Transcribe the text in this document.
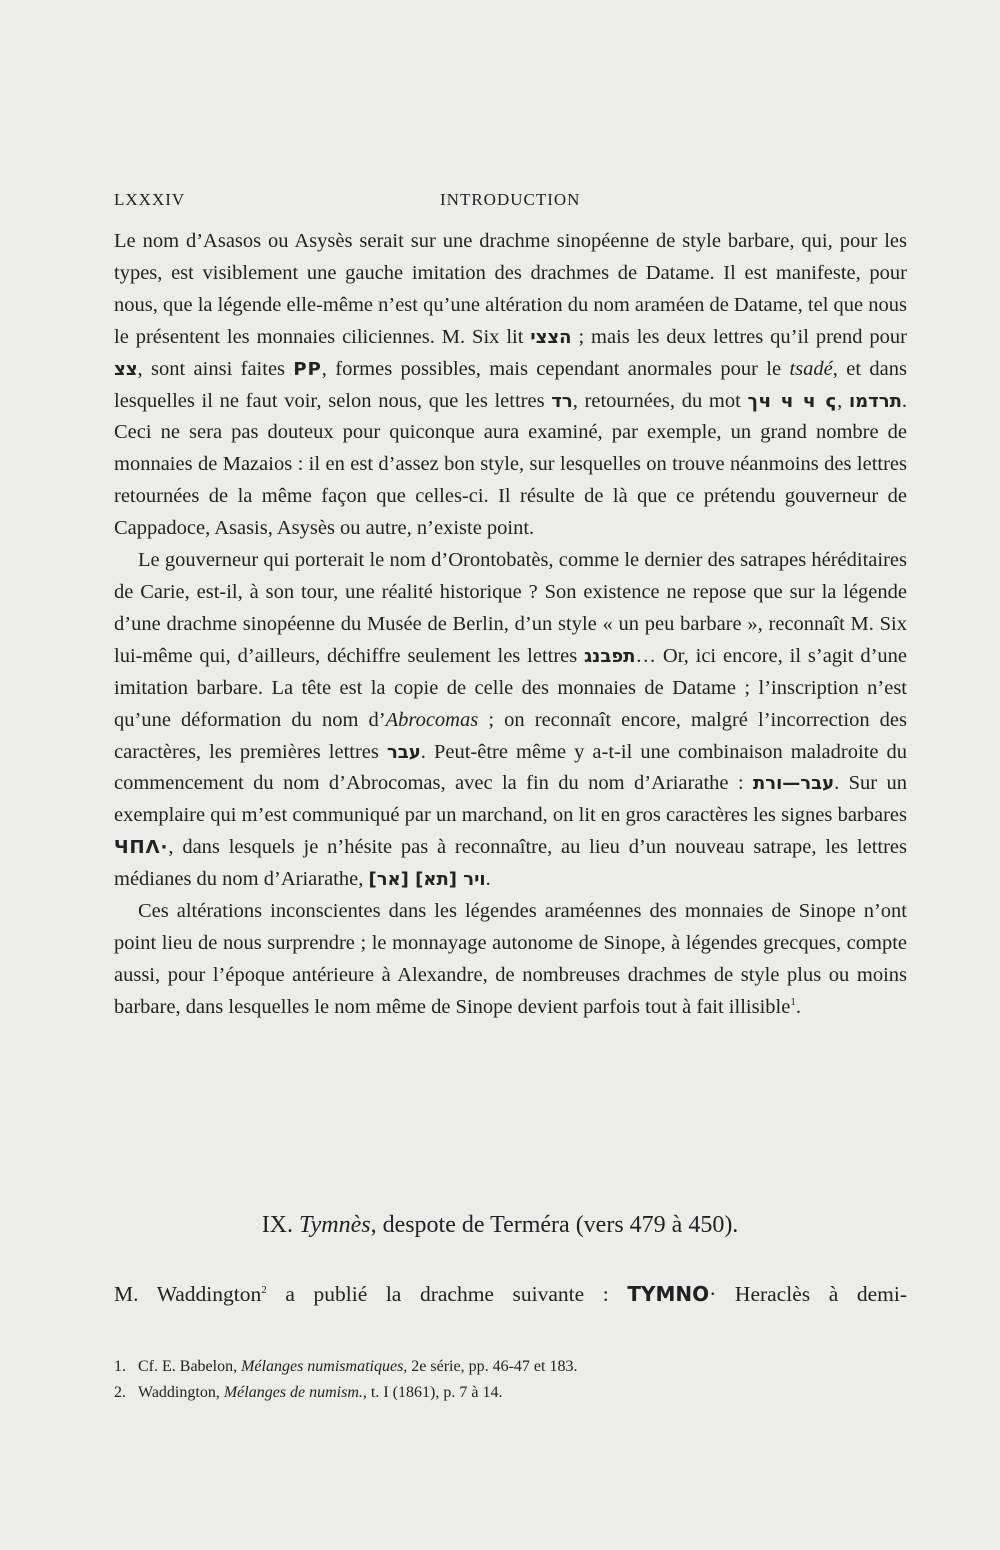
LXXXIV	INTRODUCTION

Le nom d’Asasos ou Asysès serait sur une drachme sinopéenne de style barbare, qui, pour les types, est visiblement une gauche imitation des drachmes de Datame. Il est manifeste, pour nous, que la légende elle-même n’est qu’une altération du nom araméen de Datame, tel que nous le présentent les monnaies ciliciennes. M. Six lit הצצי ; mais les deux lettres qu’il prend pour צצ, sont ainsi faites ΡΡ, formes possibles, mais cependant anormales pour le tsadé, et dans lesquelles il ne faut voir, selon nous, que les lettres רד, retournées, du mot ךч ч ч ҁ, תרדמו. Ceci ne sera pas douteux pour quiconque aura examiné, par exemple, un grand nombre de monnaies de Mazaios : il en est d’assez bon style, sur lesquelles on trouve néanmoins des lettres retournées de la même façon que celles-ci. Il résulte de là que ce prétendu gouverneur de Cappadoce, Asasis, Asysès ou autre, n’existe point.

Le gouverneur qui porterait le nom d’Orontobatès, comme le dernier des satrapes héréditaires de Carie, est-il, à son tour, une réalité historique ? Son existence ne repose que sur la légende d’une drachme sinopéenne du Musée de Berlin, d’un style « un peu barbare », reconnaît M. Six lui-même qui, d’ailleurs, déchiffre seulement les lettres תפבנג… Or, ici encore, il s’agit d’une imitation barbare. La tête est la copie de celle des monnaies de Datame ; l’inscription n’est qu’une déformation du nom d’Abrocomas ; on reconnaît encore, malgré l’incorrection des caractères, les premières lettres עבר. Peut-être même y a-t-il une combinaison maladroite du commencement du nom d’Abrocomas, avec la fin du nom d’Ariarathe : עבר—ורת. Sur un exemplaire qui m’est communiqué par un marchand, on lit en gros caractères les signes barbares ЧΠΛ·, dans lesquels je n’hésite pas à reconnaître, au lieu d’un nouveau satrape, les lettres médianes du nom d’Ariarathe, [אר] ויר [תא].

Ces altérations inconscientes dans les légendes araméennes des monnaies de Sinope n’ont point lieu de nous surprendre ; le monnayage autonome de Sinope, à légendes grecques, compte aussi, pour l’époque antérieure à Alexandre, de nombreuses drachmes de style plus ou moins barbare, dans lesquelles le nom même de Sinope devient parfois tout à fait illisible$^1$.

IX. Tymnès, despote de Terméra (vers 479 à 450).
M. Waddington$^2$ a publié la drachme suivante : TYMNO· Heraclès à demi-
1. Cf. E. Babelon, Mélanges numismatiques, 2e série, pp. 46-47 et 183.
2. Waddington, Mélanges de numism., t. I (1861), p. 7 à 14.
